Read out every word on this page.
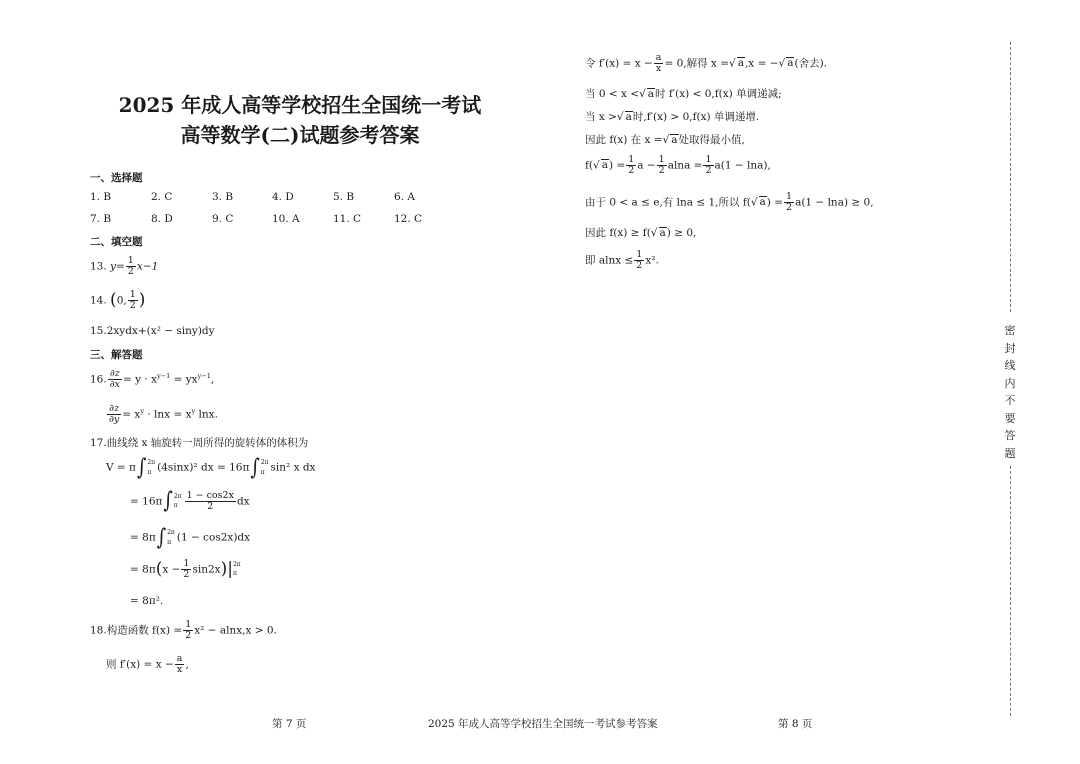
2025 年成人高等学校招生全国统一考试
高等数学(二)试题参考答案
一、选择题
1. B	2. C	3. B	4. D	5. B	6. A
7. B	8. D	9. C	10. A	11. C	12. C
二、填空题
13. $y= \frac{1}{2} x-1$
14. (0, $\frac{1}{2}$ )
15.2xydx+(x² − siny)dy
三、解答题
16. $\frac{\partial z}{\partial x} = y \cdot x^{y-1} = yx^{y-1}$,
$\frac{\partial z}{\partial y} = x^y \cdot \ln x = x^y$ lnx.
17.曲线绕 x 轴旋转一周所得的旋转体的体积为
V = π∫ 2π
π (4sinx)² dx = 16π∫ 2π
π sin² x dx
= 16π∫ 2π
π $\frac{1 - \cos 2x}{2}$ dx
= 8π∫ 2π
π (1 − cos2x)dx
= $8\pi(x - \frac{1}{2} \sin 2x)|$ 2π
π
= 8π².
18.构造函数 $f(x) = \frac{1}{2} x^2 - alnx,x > 0$.
则 $f'(x) = x - \frac{a}{x}$ ,
令 $f'(x) = x - \frac{a}{x} = 0$,解得 x =√ a,x = −√ a(舍去).
当 0 < x <√ a时 f′(x) < 0,f(x) 单调递减;
当 x >√ a时,f′(x) > 0,f(x) 单调递增.
因此 f(x) 在 x =√ a处取得最小值,
f(√ $a) = \frac{1}{2}$ $a - \frac{1}{2}$ $alna = \frac{1}{2} a(1 - \ln a)$,
由于 0 < a ≤ e,有 lna ≤ 1,所以 f(√ $a) = \frac{1}{2} a(1 - \ln a) \ge 0$,
因此 f(x) ≥ f(√ a) ≥ 0,
即 $alnx \le \frac{1}{2} x^2$.
密封线内不要答题
第 7 页	2025 年成人高等学校招生全国统一考试参考答案	第 8 页
